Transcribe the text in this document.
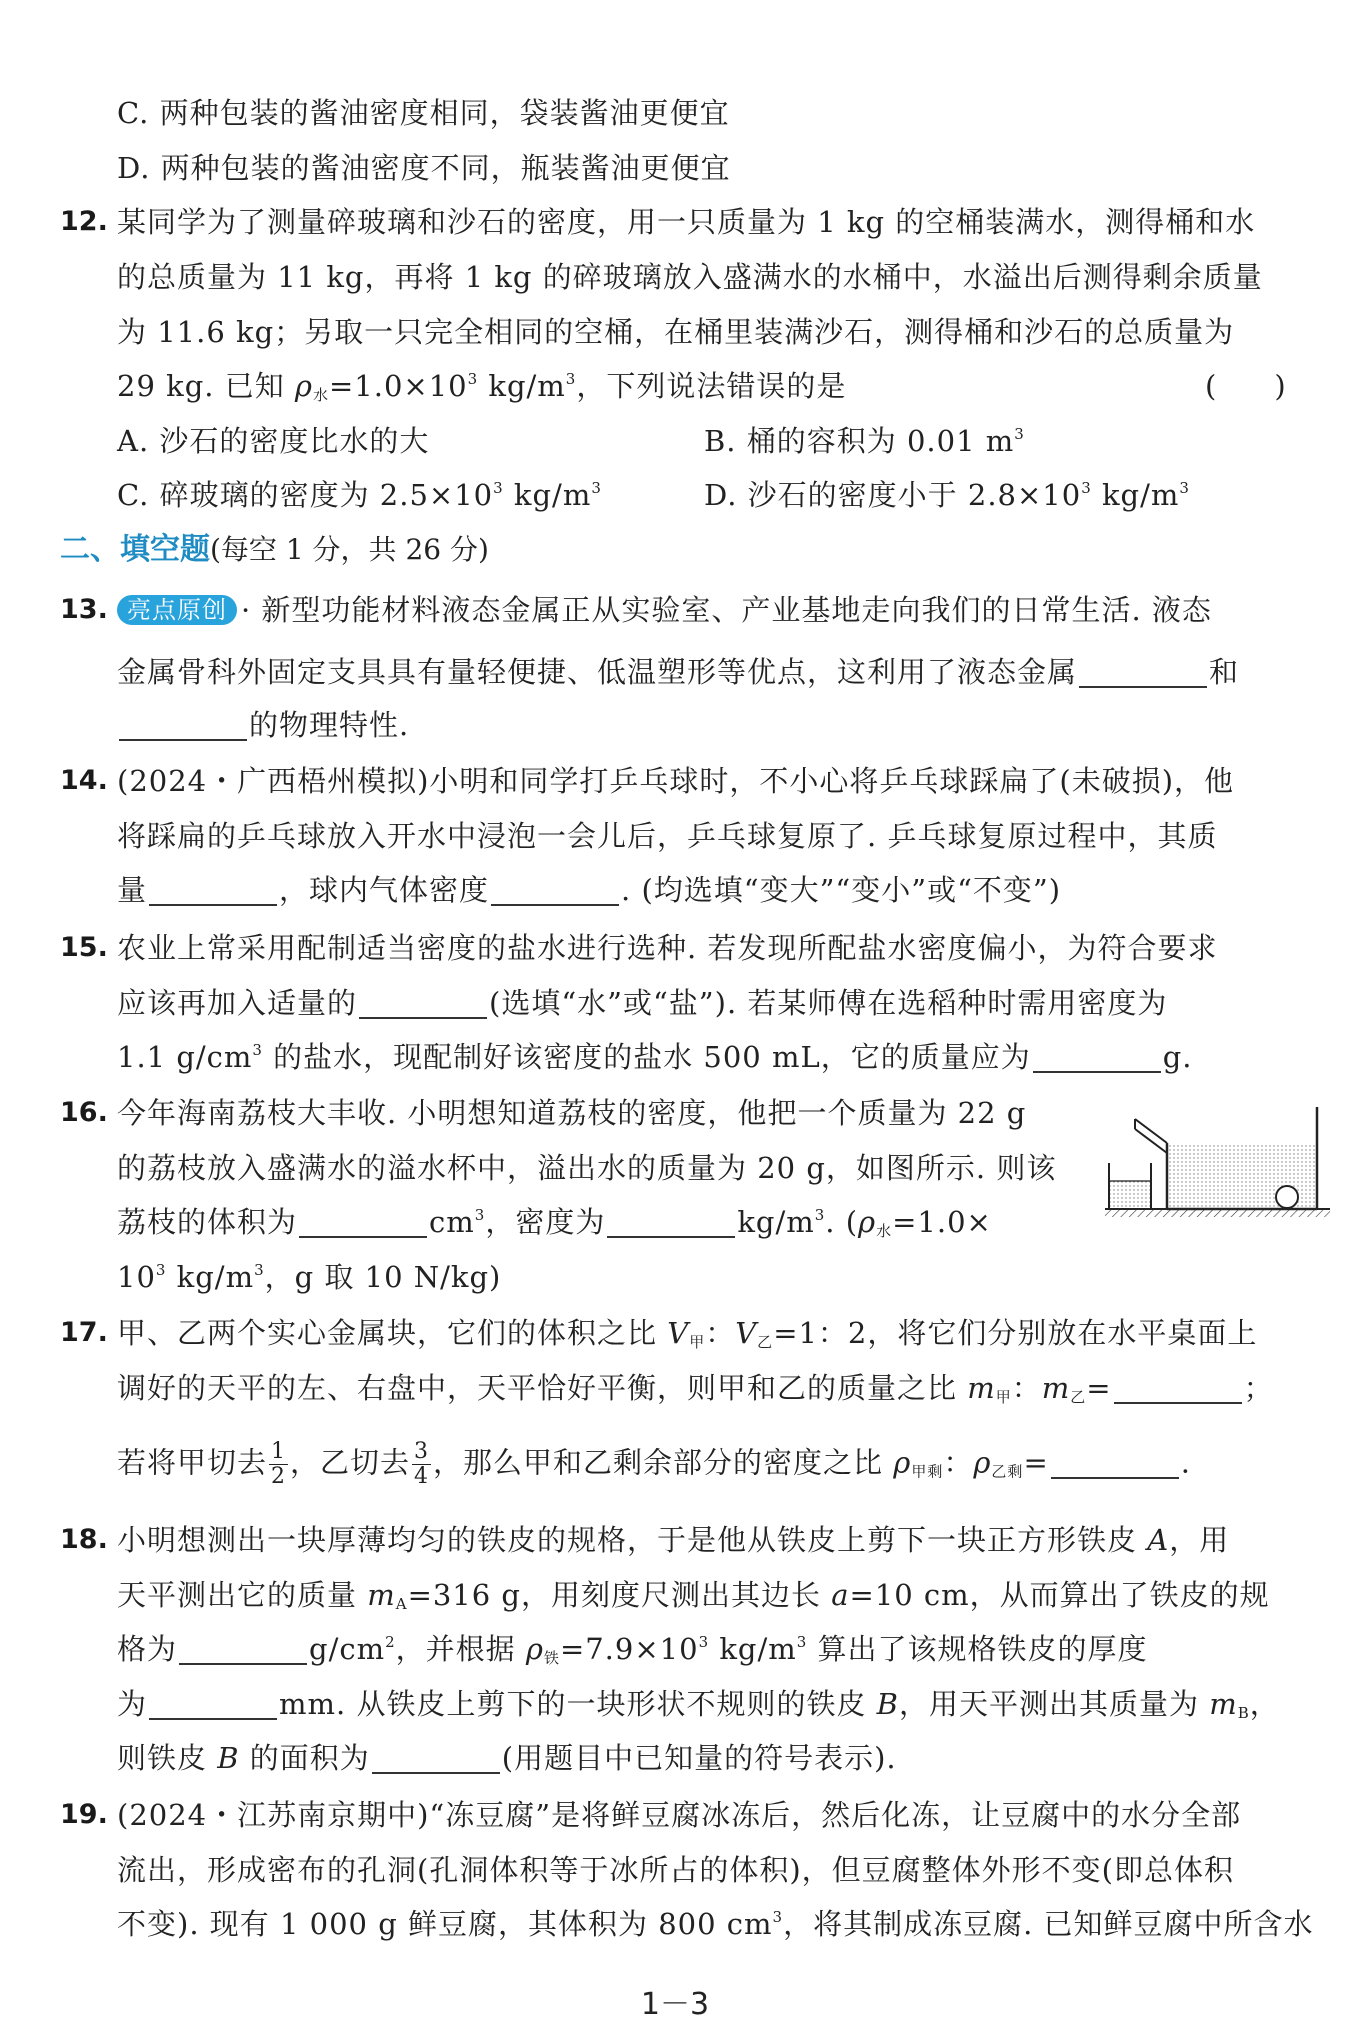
C. 两种包装的酱油密度相同，袋装酱油更便宜
D. 两种包装的酱油密度不同，瓶装酱油更便宜
12. 某同学为了测量碎玻璃和沙石的密度，用一只质量为 1 kg 的空桶装满水，测得桶和水
的总质量为 11 kg，再将 1 kg 的碎玻璃放入盛满水的水桶中，水溢出后测得剩余质量
为 11.6 kg；另取一只完全相同的空桶，在桶里装满沙石，测得桶和沙石的总质量为
29 kg. 已知 $\rho_水=1.0\times 10^3$ $kg/m^3$，下列说法错误的是	(　　)
A. 沙石的密度比水的大	B. 桶的容积为 0.01 $m^3$
C. 碎玻璃的密度为 $2.5\times 10^3$ $kg/m^3$	D. 沙石的密度小于 $2.8\times 10^3$ $kg/m^3$
二、填空题(每空 1 分，共 26 分)
13. 亮点原创 · 新型功能材料液态金属正从实验室、产业基地走向我们的日常生活. 液态
金属骨科外固定支具具有量轻便捷、低温塑形等优点，这利用了液态金属	和
的物理特性.
14. (2024・广西梧州模拟)小明和同学打乒乓球时，不小心将乒乓球踩扁了(未破损)，他
将踩扁的乒乓球放入开水中浸泡一会儿后，乒乓球复原了. 乒乓球复原过程中，其质
量	，球内气体密度	. (均选填“变大”“变小”或“不变”)
15. 农业上常采用配制适当密度的盐水进行选种. 若发现所配盐水密度偏小，为符合要求
应该再加入适量的	(选填“水”或“盐”). 若某师傅在选稻种时需用密度为
1.1 $g/cm^3$ 的盐水，现配制好该密度的盐水 500 mL，它的质量应为	g.
16. 今年海南荔枝大丰收. 小明想知道荔枝的密度，他把一个质量为 22 g
的荔枝放入盛满水的溢水杯中，溢出水的质量为 20 g，如图所示. 则该
荔枝的体积为	$cm^3$，密度为	$kg/m^3$. ($\rho_水=1.0\times$
$10^3$ $kg/m^3$，g 取 10 N/kg)
17. 甲、乙两个实心金属块，它们的体积之比 $V_甲$：$V_乙=1$：2，将它们分别放在水平桌面上
调好的天平的左、右盘中，天平恰好平衡，则甲和乙的质量之比 $m_甲$：$m_乙=$	；
若将甲切去 $\frac{1}{2}$ ，乙切去 $\frac{3}{4}$ ，那么甲和乙剩余部分的密度之比 $\rho_{甲剩}$：$\rho_{乙剩}=$	.
18. 小明想测出一块厚薄均匀的铁皮的规格，于是他从铁皮上剪下一块正方形铁皮 A，用
天平测出它的质量 $m_A=316$ g，用刻度尺测出其边长 a=10 cm，从而算出了铁皮的规
格为	$g/cm^2$，并根据 $\rho_铁=7.9\times 10^3$ $kg/m^3$ 算出了该规格铁皮的厚度
为	mm. 从铁皮上剪下的一块形状不规则的铁皮 B，用天平测出其质量为 $m_B$，
则铁皮 B 的面积为	(用题目中已知量的符号表示).
19. (2024・江苏南京期中)“冻豆腐”是将鲜豆腐冰冻后，然后化冻，让豆腐中的水分全部
流出，形成密布的孔洞(孔洞体积等于冰所占的体积)，但豆腐整体外形不变(即总体积
不变). 现有 1 000 g 鲜豆腐，其体积为 800 $cm^3$，将其制成冻豆腐. 已知鲜豆腐中所含水
1－3
